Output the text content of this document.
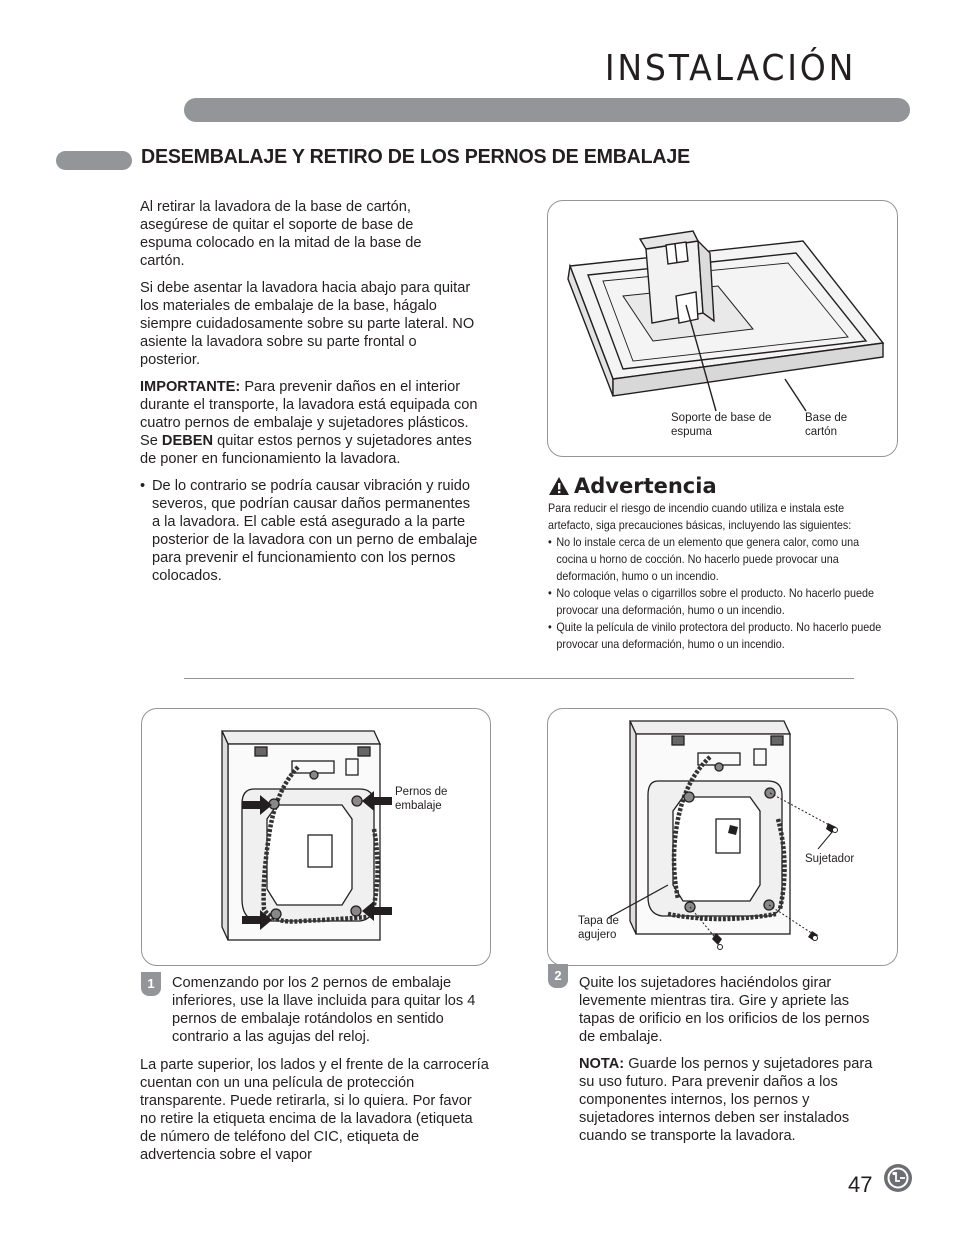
INSTALACIÓN
DESEMBALAJE Y RETIRO DE LOS PERNOS DE EMBALAJE

Al retirar la lavadora de la base de cartón, asegúrese de quitar el soporte de base de espuma colocado en la mitad de la base de cartón.

Si debe asentar la lavadora hacia abajo para quitar los materiales de embalaje de la base, hágalo siempre cuidadosamente sobre su parte lateral. NO asiente la lavadora sobre su parte frontal o posterior.

IMPORTANTE: Para prevenir daños en el interior durante el transporte, la lavadora está equipada con cuatro pernos de embalaje y sujetadores plásticos. Se DEBEN quitar estos pernos y sujetadores antes de poner en funcionamiento la lavadora.

• De lo contrario se podría causar vibración y ruido severos, que podrían causar daños permanentes a la lavadora. El cable está asegurado a la parte posterior de la lavadora con un perno de embalaje para prevenir el funcionamiento con los pernos colocados.
Soporte de base de espuma
Base de cartón
Advertencia
Para reducir el riesgo de incendio cuando utiliza e instala este artefacto, siga precauciones básicas, incluyendo las siguientes:
• No lo instale cerca de un elemento que genera calor, como una cocina u horno de cocción. No hacerlo puede provocar una deformación, humo o un incendio.
• No coloque velas o cigarrillos sobre el producto. No hacerlo puede provocar una deformación, humo o un incendio.
• Quite la película de vinilo protectora del producto. No hacerlo puede provocar una deformación, humo o un incendio.
Pernos de embalaje
1	Comenzando por los 2 pernos de embalaje inferiores, use la llave incluida para quitar los 4 pernos de embalaje rotándolos en sentido contrario a las agujas del reloj.
La parte superior, los lados y el frente de la carrocería cuentan con un una película de protección transparente. Puede retirarla, si lo quiera. Por favor no retire la etiqueta encima de la lavadora (etiqueta de número de teléfono del CIC, etiqueta de advertencia sobre el vapor
Sujetador
Tapa de agujero
2	Quite los sujetadores haciéndolos girar levemente mientras tira. Gire y apriete las tapas de orificio en los orificios de los pernos de embalaje.
NOTA: Guarde los pernos y sujetadores para su uso futuro. Para prevenir daños a los componentes internos, los pernos y sujetadores internos deben ser instalados cuando se transporte la lavadora.
47
